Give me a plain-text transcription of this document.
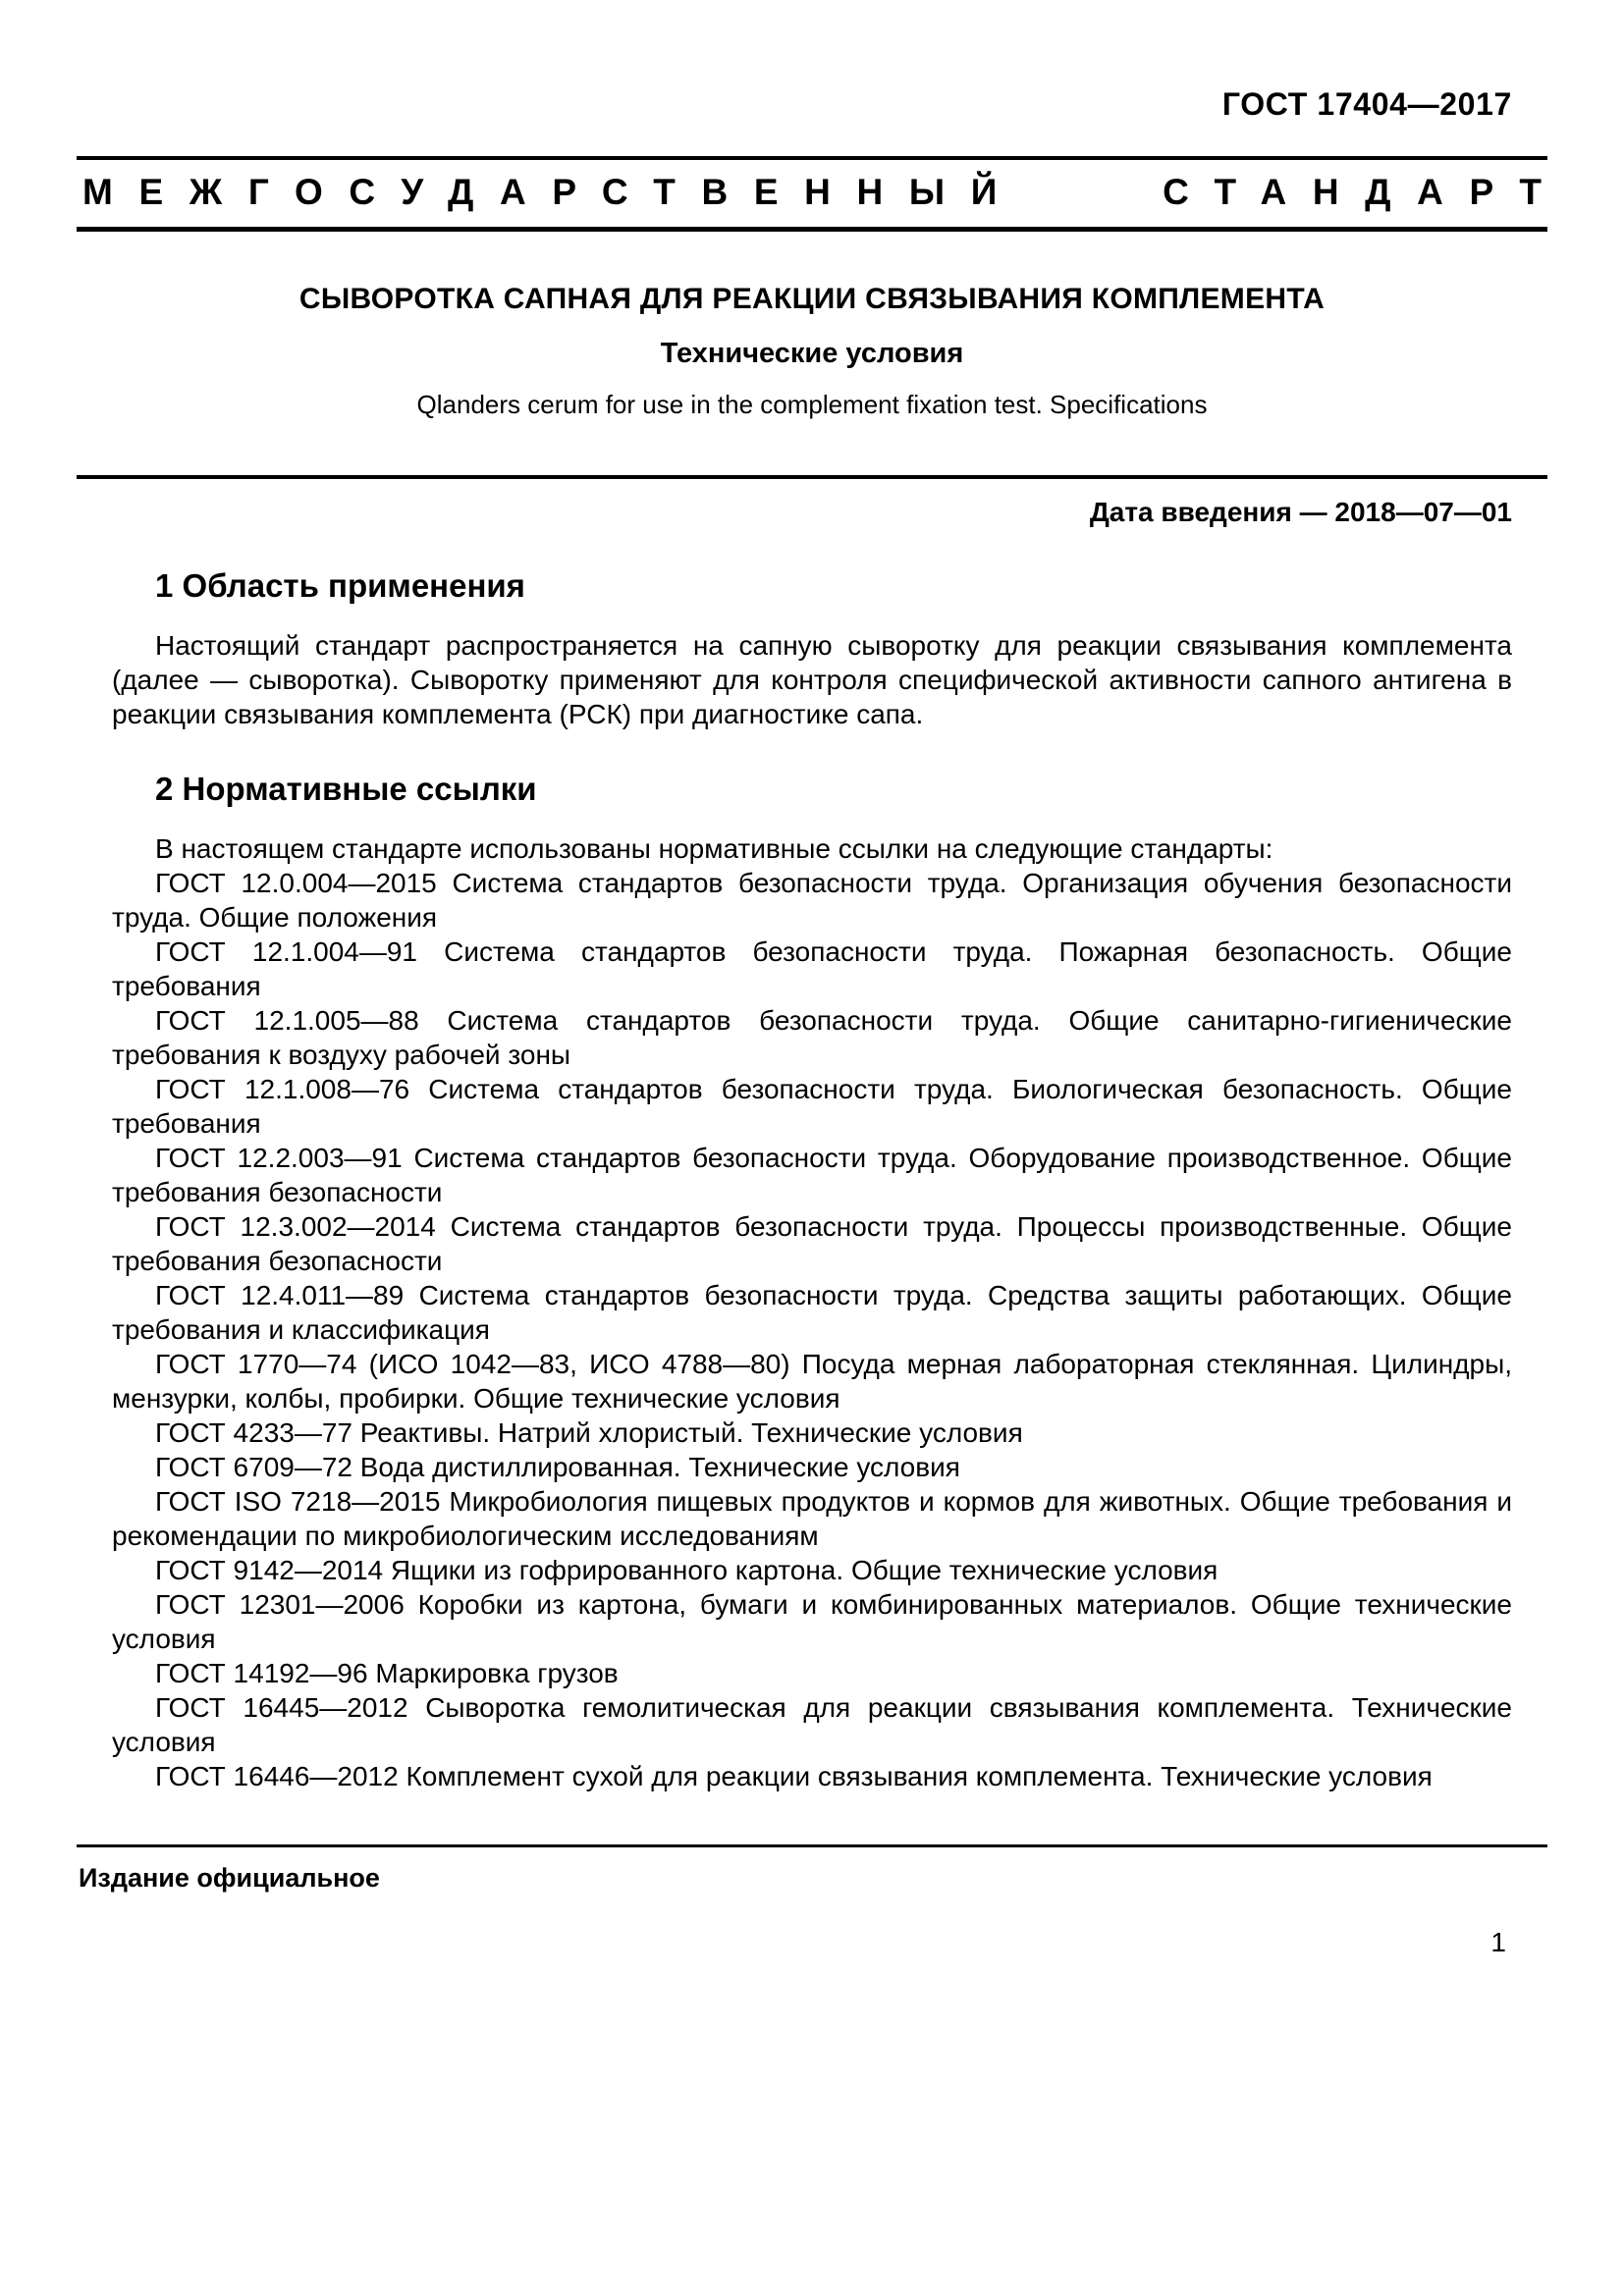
ГОСТ 17404—2017
МЕЖГОСУДАРСТВЕННЫЙ	СТАНДАРТ
СЫВОРОТКА САПНАЯ ДЛЯ РЕАКЦИИ СВЯЗЫВАНИЯ КОМПЛЕМЕНТА
Технические условия
Qlanders cerum for use in the complement fixation test. Specifications
Дата введения — 2018—07—01
1 Область применения

Настоящий стандарт распространяется на сапную сыворотку для реакции связывания комплемента (далее — сыворотка). Сыворотку применяют для контроля специфической активности сапного антигена в реакции связывания комплемента (РСК) при диагностике сапа.

2 Нормативные ссылки

В настоящем стандарте использованы нормативные ссылки на следующие стандарты:

ГОСТ 12.0.004—2015 Система стандартов безопасности труда. Организация обучения безопасности труда. Общие положения

ГОСТ 12.1.004—91 Система стандартов безопасности труда. Пожарная безопасность. Общие требования

ГОСТ 12.1.005—88 Система стандартов безопасности труда. Общие санитарно-гигиенические требования к воздуху рабочей зоны

ГОСТ 12.1.008—76 Система стандартов безопасности труда. Биологическая безопасность. Общие требования

ГОСТ 12.2.003—91 Система стандартов безопасности труда. Оборудование производственное. Общие требования безопасности

ГОСТ 12.3.002—2014 Система стандартов безопасности труда. Процессы производственные. Общие требования безопасности

ГОСТ 12.4.011—89 Система стандартов безопасности труда. Средства защиты работающих. Общие требования и классификация

ГОСТ 1770—74 (ИСО 1042—83, ИСО 4788—80) Посуда мерная лабораторная стеклянная. Цилиндры, мензурки, колбы, пробирки. Общие технические условия

ГОСТ 4233—77 Реактивы. Натрий хлористый. Технические условия

ГОСТ 6709—72 Вода дистиллированная. Технические условия

ГОСТ ISO 7218—2015 Микробиология пищевых продуктов и кормов для животных. Общие требования и рекомендации по микробиологическим исследованиям

ГОСТ 9142—2014 Ящики из гофрированного картона. Общие технические условия

ГОСТ 12301—2006 Коробки из картона, бумаги и комбинированных материалов. Общие технические условия

ГОСТ 14192—96 Маркировка грузов

ГОСТ 16445—2012 Сыворотка гемолитическая для реакции связывания комплемента. Технические условия

ГОСТ 16446—2012 Комплемент сухой для реакции связывания комплемента. Технические условия

Издание официальное
1
